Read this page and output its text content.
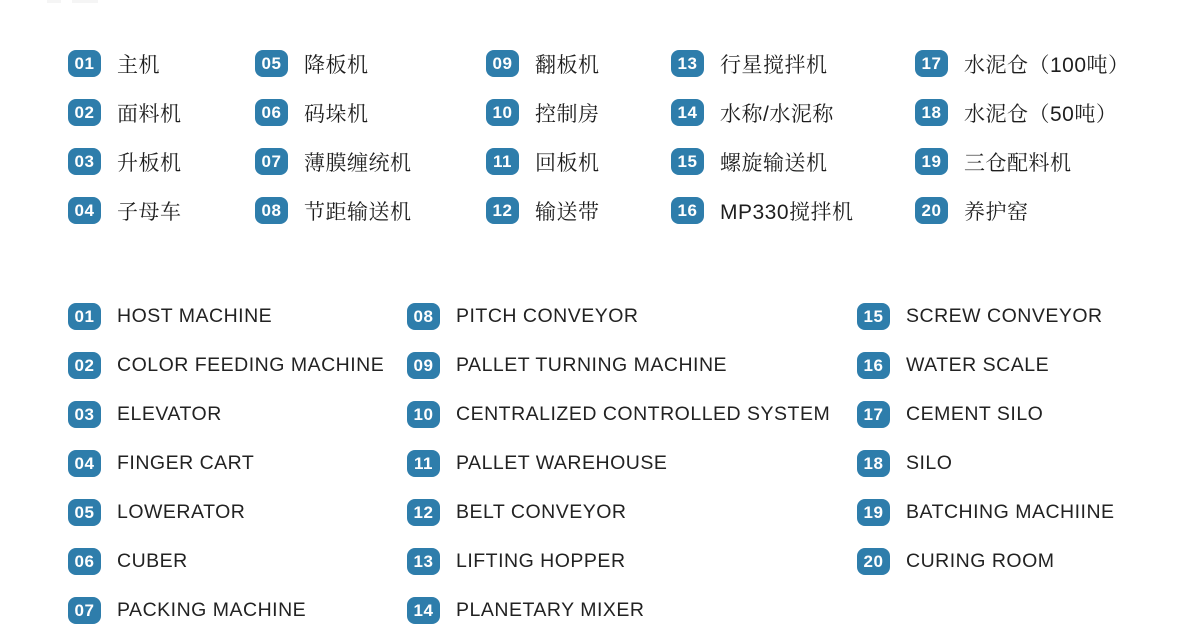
01	主机
02	面料机
03	升板机
04	子母车
05	降板机
06	码垛机
07	薄膜缠统机
08	节距输送机
09	翻板机
10	控制房
11	回板机
12	输送带
13	行星搅拌机
14	水称/水泥称
15	螺旋输送机
16	MP330搅拌机
17	水泥仓（100吨）
18	水泥仓（50吨）
19	三仓配料机
20	养护窑
01	HOST MACHINE
02	COLOR FEEDING MACHINE
03	ELEVATOR
04	FINGER CART
05	LOWERATOR
06	CUBER
07	PACKING MACHINE
08	PITCH CONVEYOR
09	PALLET TURNING MACHINE
10	CENTRALIZED CONTROLLED SYSTEM
11	PALLET WAREHOUSE
12	BELT CONVEYOR
13	LIFTING HOPPER
14	PLANETARY MIXER
15	SCREW CONVEYOR
16	WATER SCALE
17	CEMENT SILO
18	SILO
19	BATCHING MACHIINE
20	CURING ROOM
